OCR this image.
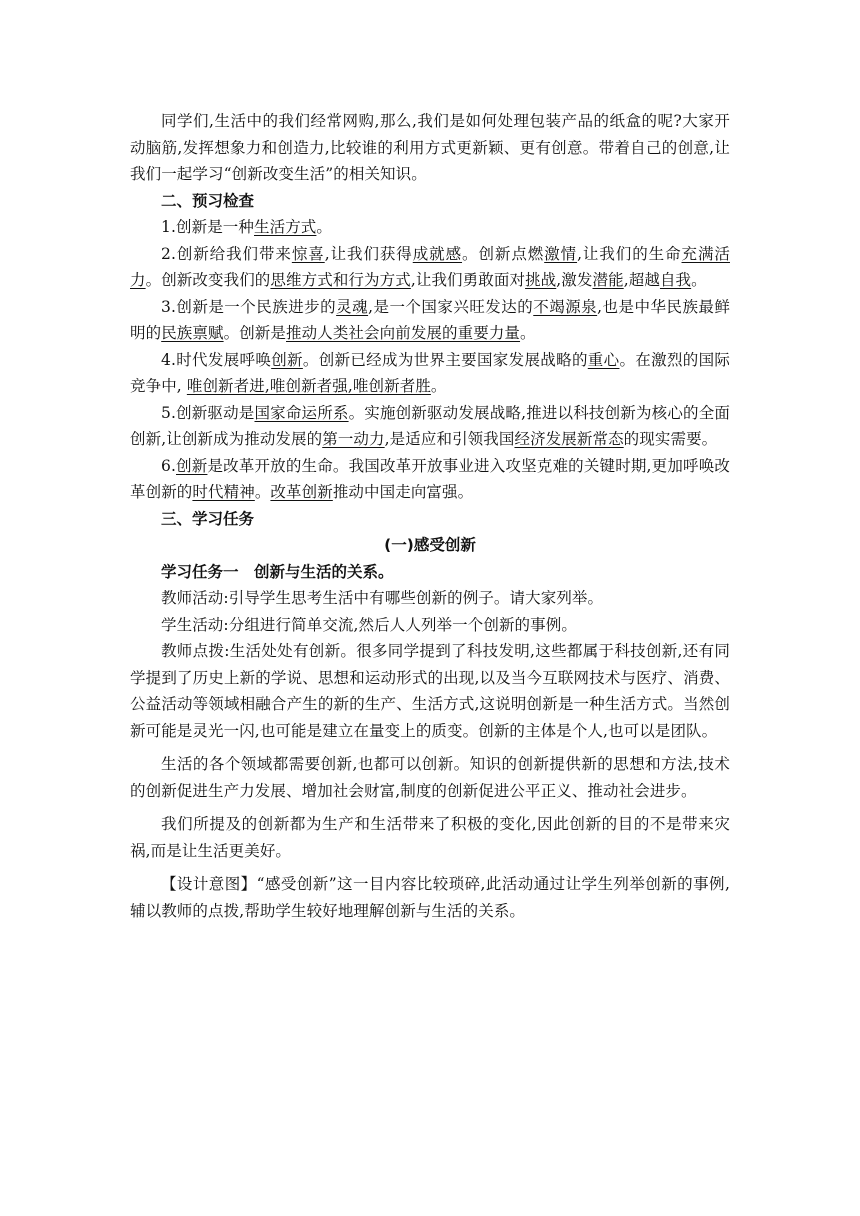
同学们,生活中的我们经常网购,那么,我们是如何处理包装产品的纸盒的呢?大家开动脑筋,发挥想象力和创造力,比较谁的利用方式更新颖、更有创意。带着自己的创意,让我们一起学习“创新改变生活”的相关知识。

二、预习检查

1.创新是一种生活方式。

2.创新给我们带来惊喜,让我们获得成就感。创新点燃激情,让我们的生命充满活力。创新改变我们的思维方式和行为方式,让我们勇敢面对挑战,激发潜能,超越自我。

3.创新是一个民族进步的灵魂,是一个国家兴旺发达的不竭源泉,也是中华民族最鲜明的民族禀赋。创新是推动人类社会向前发展的重要力量。

4.时代发展呼唤创新。创新已经成为世界主要国家发展战略的重心。在激烈的国际竞争中, 唯创新者进,唯创新者强,唯创新者胜。

5.创新驱动是国家命运所系。实施创新驱动发展战略,推进以科技创新为核心的全面创新,让创新成为推动发展的第一动力,是适应和引领我国经济发展新常态的现实需要。

6.创新是改革开放的生命。我国改革开放事业进入攻坚克难的关键时期,更加呼唤改革创新的时代精神。改革创新推动中国走向富强。

三、学习任务

(一)感受创新

学习任务一　创新与生活的关系。

教师活动:引导学生思考生活中有哪些创新的例子。请大家列举。

学生活动:分组进行简单交流,然后人人列举一个创新的事例。

教师点拨:生活处处有创新。很多同学提到了科技发明,这些都属于科技创新,还有同学提到了历史上新的学说、思想和运动形式的出现,以及当今互联网技术与医疗、消费、公益活动等领域相融合产生的新的生产、生活方式,这说明创新是一种生活方式。当然创新可能是灵光一闪,也可能是建立在量变上的质变。创新的主体是个人,也可以是团队。

生活的各个领域都需要创新,也都可以创新。知识的创新提供新的思想和方法,技术的创新促进生产力发展、增加社会财富,制度的创新促进公平正义、推动社会进步。

我们所提及的创新都为生产和生活带来了积极的变化,因此创新的目的不是带来灾祸,而是让生活更美好。

【设计意图】“感受创新”这一目内容比较琐碎,此活动通过让学生列举创新的事例,辅以教师的点拨,帮助学生较好地理解创新与生活的关系。
